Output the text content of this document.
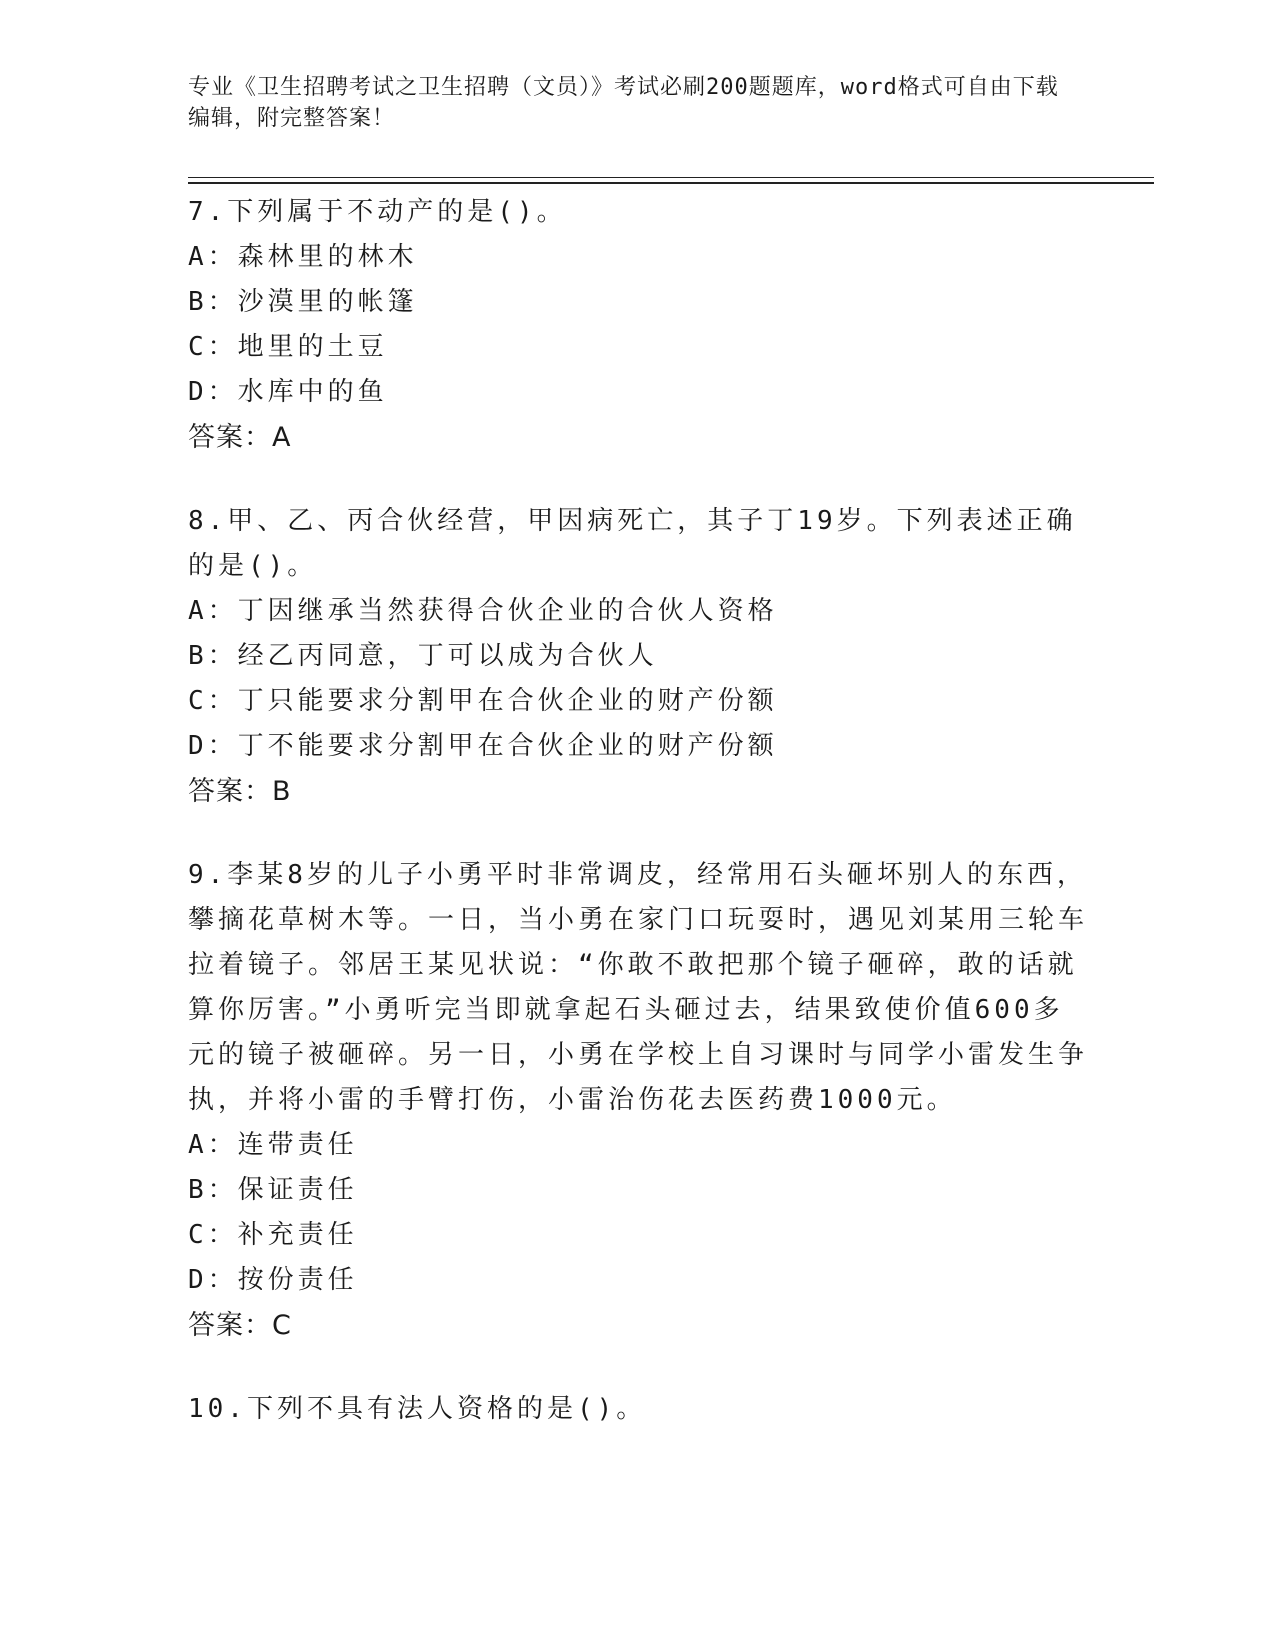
专业《卫生招聘考试之卫生招聘（文员）》考试必刷200题题库，word格式可自由下载编辑，附完整答案！

7.下列属于不动产的是()。

A：森林里的林木

B：沙漠里的帐篷

C：地里的土豆

D：水库中的鱼

答案：A

8.甲、乙、丙合伙经营，甲因病死亡，其子丁19岁。下列表述正确的是()。

A：丁因继承当然获得合伙企业的合伙人资格

B：经乙丙同意，丁可以成为合伙人

C：丁只能要求分割甲在合伙企业的财产份额

D：丁不能要求分割甲在合伙企业的财产份额

答案：B

9.李某8岁的儿子小勇平时非常调皮，经常用石头砸坏别人的东西，攀摘花草树木等。一日，当小勇在家门口玩耍时，遇见刘某用三轮车拉着镜子。邻居王某见状说：“你敢不敢把那个镜子砸碎，敢的话就算你厉害。”小勇听完当即就拿起石头砸过去，结果致使价值600多元的镜子被砸碎。另一日，小勇在学校上自习课时与同学小雷发生争执，并将小雷的手臂打伤，小雷治伤花去医药费1000元。

A：连带责任

B：保证责任

C：补充责任

D：按份责任

答案：C

10.下列不具有法人资格的是()。
